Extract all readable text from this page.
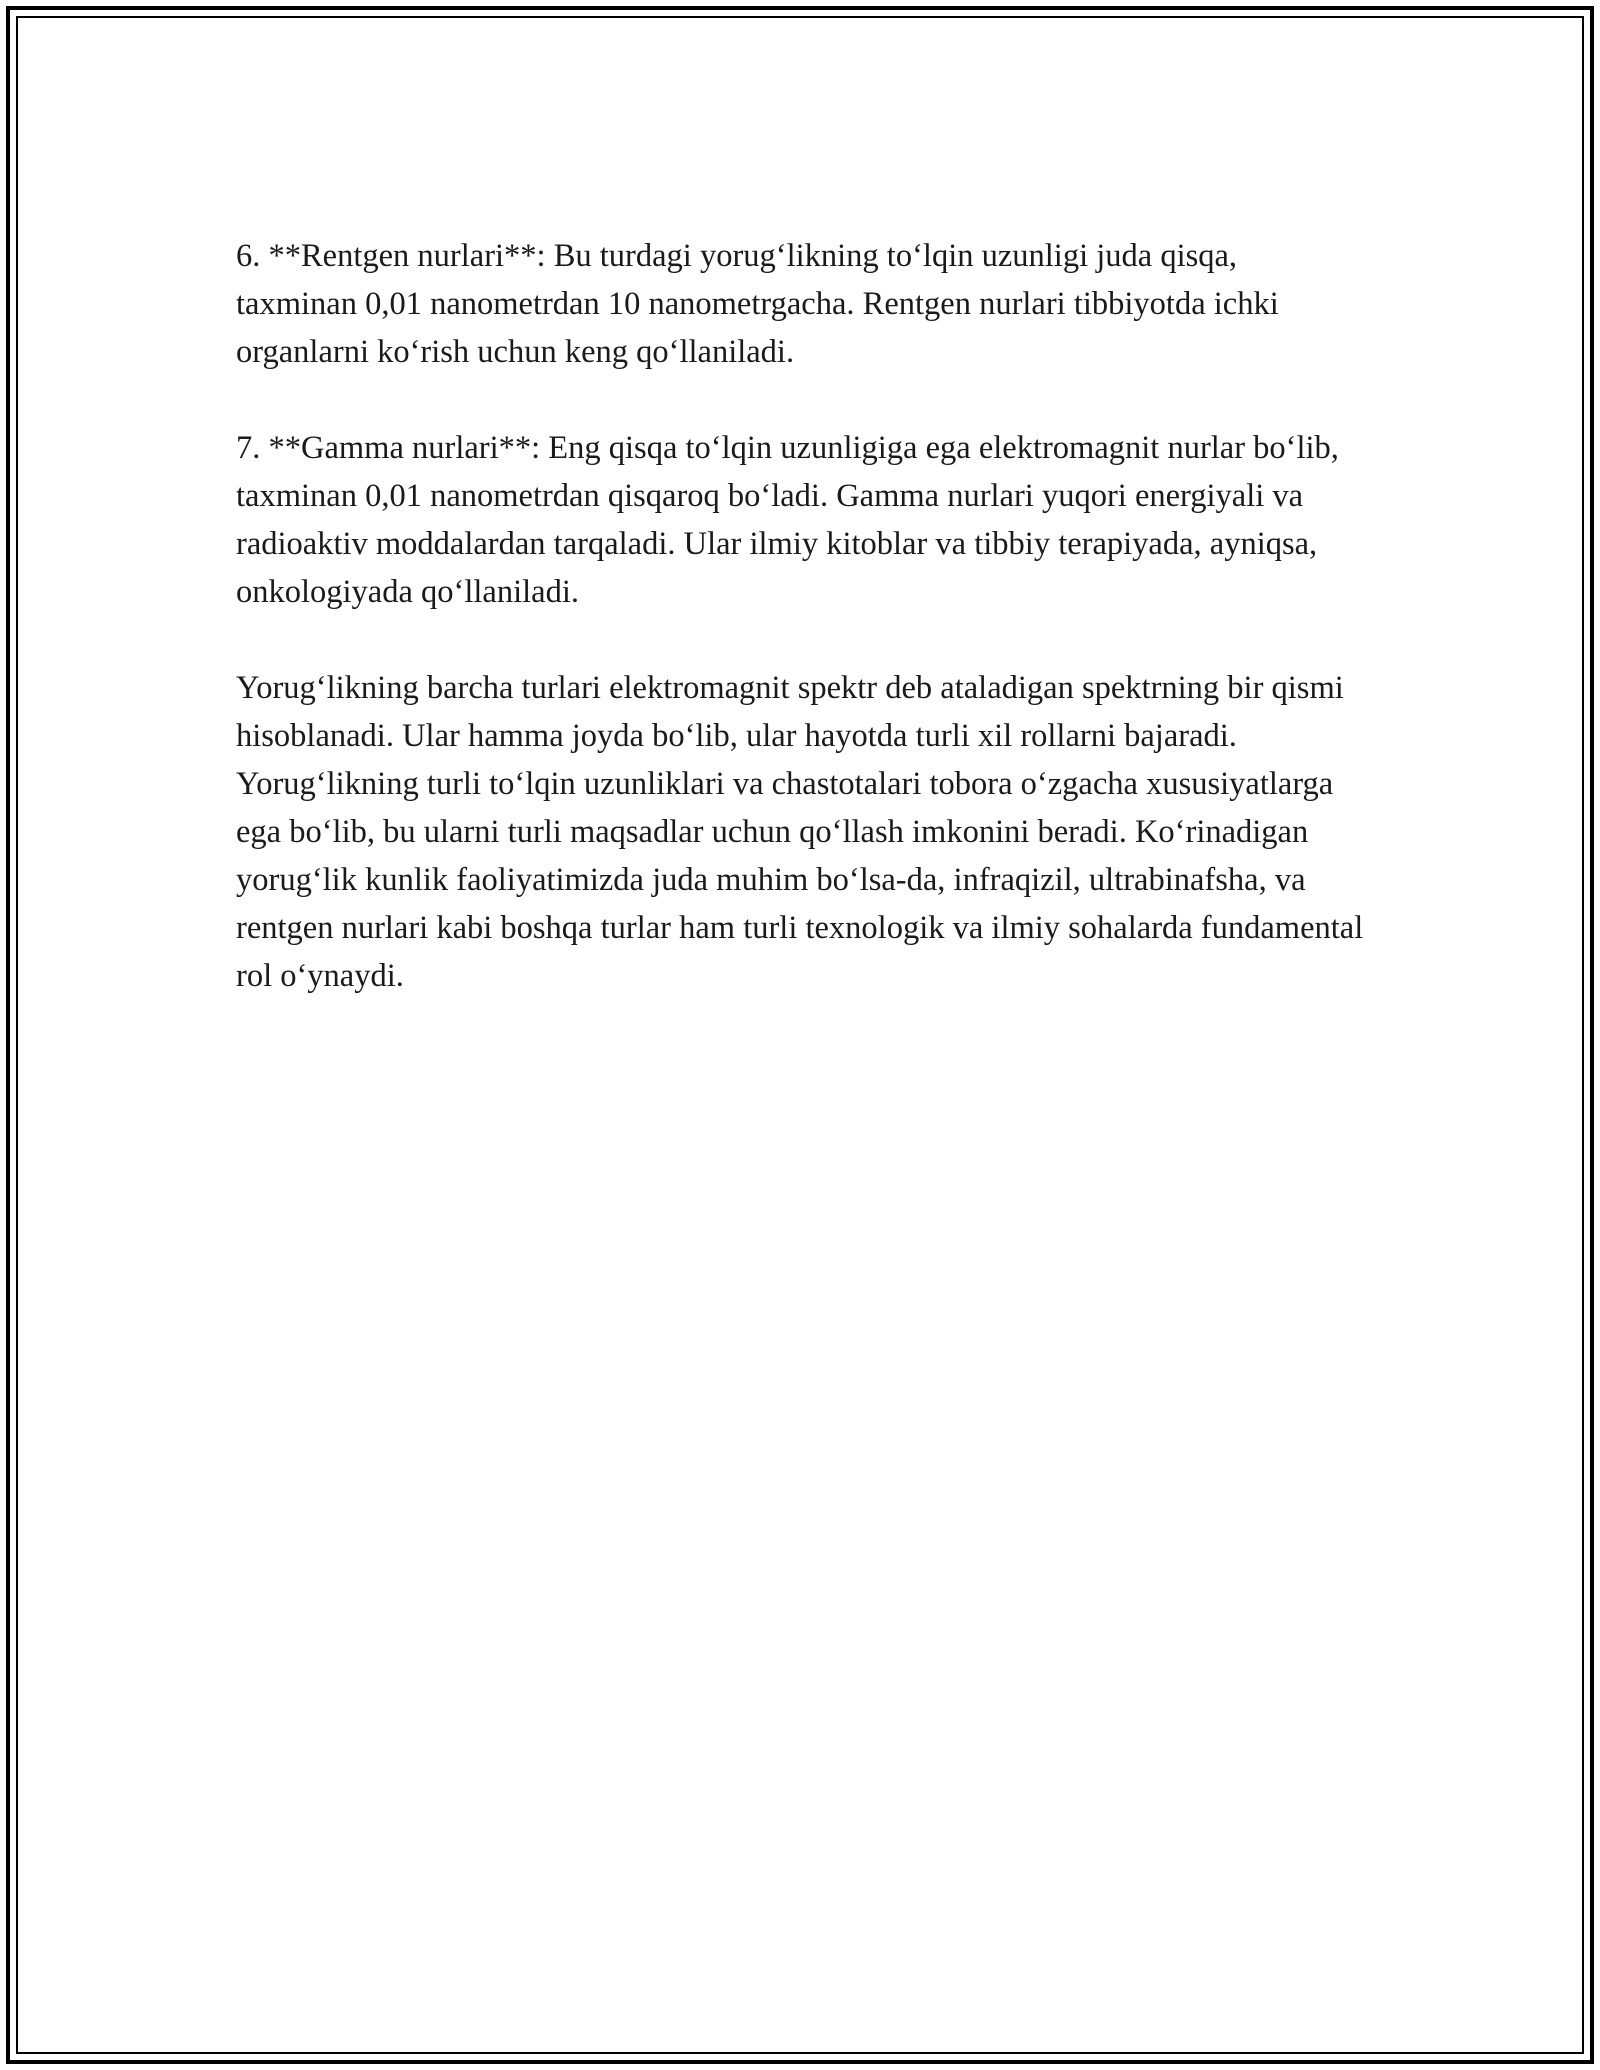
6. **Rentgen nurlari**: Bu turdagi yorug‘likning to‘lqin uzunligi juda qisqa, taxminan 0,01 nanometrdan 10 nanometrgacha. Rentgen nurlari tibbiyotda ichki organlarni ko‘rish uchun keng qo‘llaniladi.

7. **Gamma nurlari**: Eng qisqa to‘lqin uzunligiga ega elektromagnit nurlar bo‘lib, taxminan 0,01 nanometrdan qisqaroq bo‘ladi. Gamma nurlari yuqori energiyali va radioaktiv moddalardan tarqaladi. Ular ilmiy kitoblar va tibbiy terapiyada, ayniqsa, onkologiyada qo‘llaniladi.

Yorug‘likning barcha turlari elektromagnit spektr deb ataladigan spektrning bir qismi hisoblanadi. Ular hamma joyda bo‘lib, ular hayotda turli xil rollarni bajaradi. Yorug‘likning turli to‘lqin uzunliklari va chastotalari tobora o‘zgacha xususiyatlarga ega bo‘lib, bu ularni turli maqsadlar uchun qo‘llash imkonini beradi. Ko‘rinadigan yorug‘lik kunlik faoliyatimizda juda muhim bo‘lsa-da, infraqizil, ultrabinafsha, va rentgen nurlari kabi boshqa turlar ham turli texnologik va ilmiy sohalarda fundamental rol o‘ynaydi.
